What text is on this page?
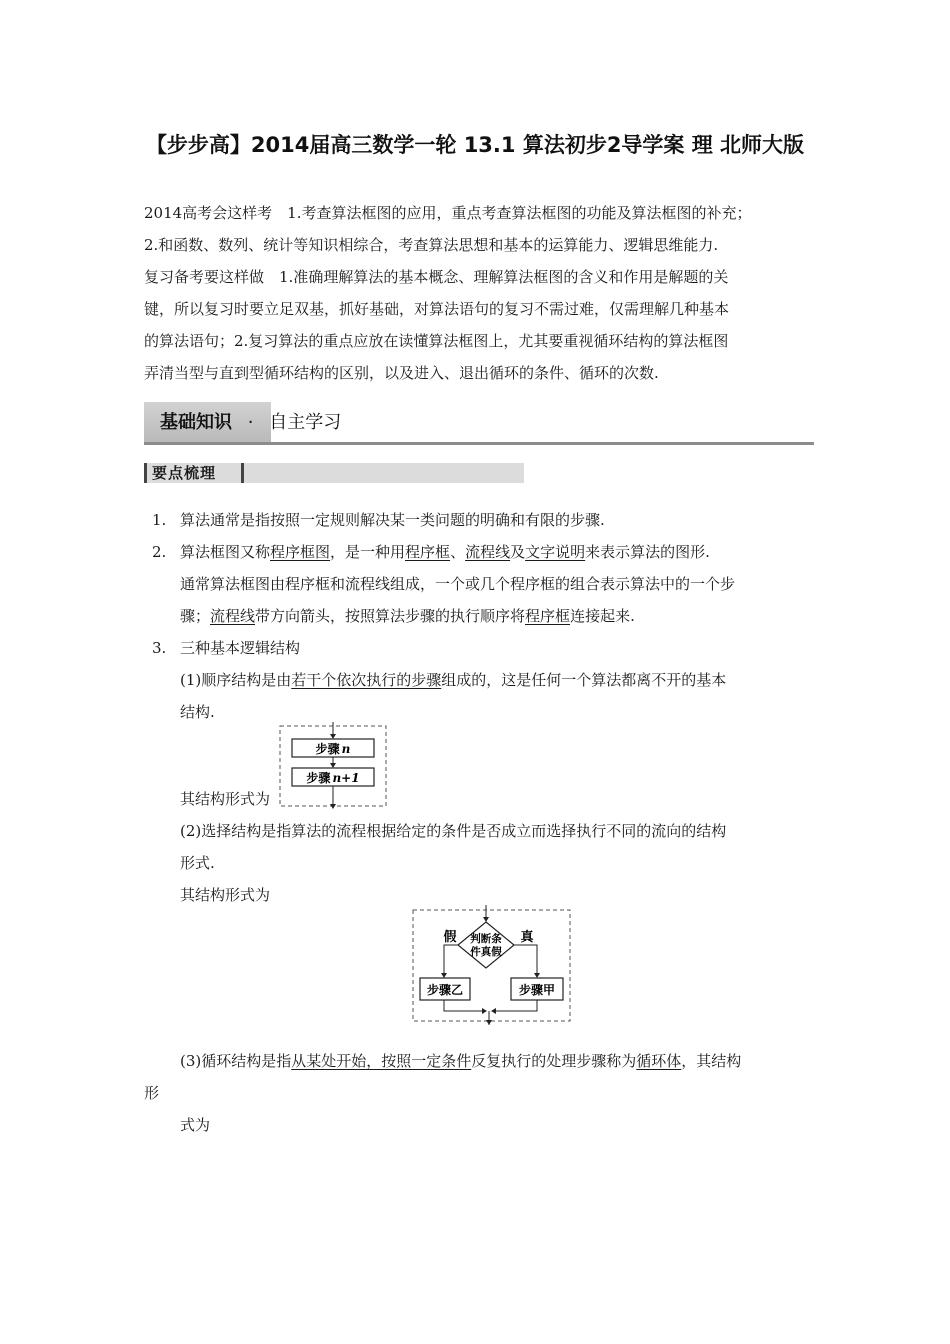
【步步高】2014届高三数学一轮 13.1 算法初步2导学案 理 北师大版

2014高考会这样考　1.考查算法框图的应用，重点考查算法框图的功能及算法框图的补充；

2.和函数、数列、统计等知识相综合，考查算法思想和基本的运算能力、逻辑思维能力.

复习备考要这样做　1.准确理解算法的基本概念、理解算法框图的含义和作用是解题的关

键，所以复习时要立足双基，抓好基础，对算法语句的复习不需过难，仅需理解几种基本

的算法语句；2.复习算法的重点应放在读懂算法框图上，尤其要重视循环结构的算法框图

弄清当型与直到型循环结构的区别，以及进入、退出循环的条件、循环的次数.

基础知识 · 自主学习
要点梳理
1. 算法通常是指按照一定规则解决某一类问题的明确和有限的步骤.
2. 算法框图又称程序框图，是一种用程序框、流程线及文字说明来表示算法的图形.
通常算法框图由程序框和流程线组成，一个或几个程序框的组合表示算法中的一个步
骤；流程线带方向箭头，按照算法步骤的执行顺序将程序框连接起来.
3. 三种基本逻辑结构
(1)顺序结构是由若干个依次执行的步骤组成的，这是任何一个算法都离不开的基本
结构.
步骤 n
步骤 n+1
其结构形式为
(2)选择结构是指算法的流程根据给定的条件是否成立而选择执行不同的流向的结构
形式.
其结构形式为
判断条
件真假
假	真
步骤乙	步骤甲
(3)循环结构是指从某处开始，按照一定条件反复执行的处理步骤称为循环体，其结构
形
式为
